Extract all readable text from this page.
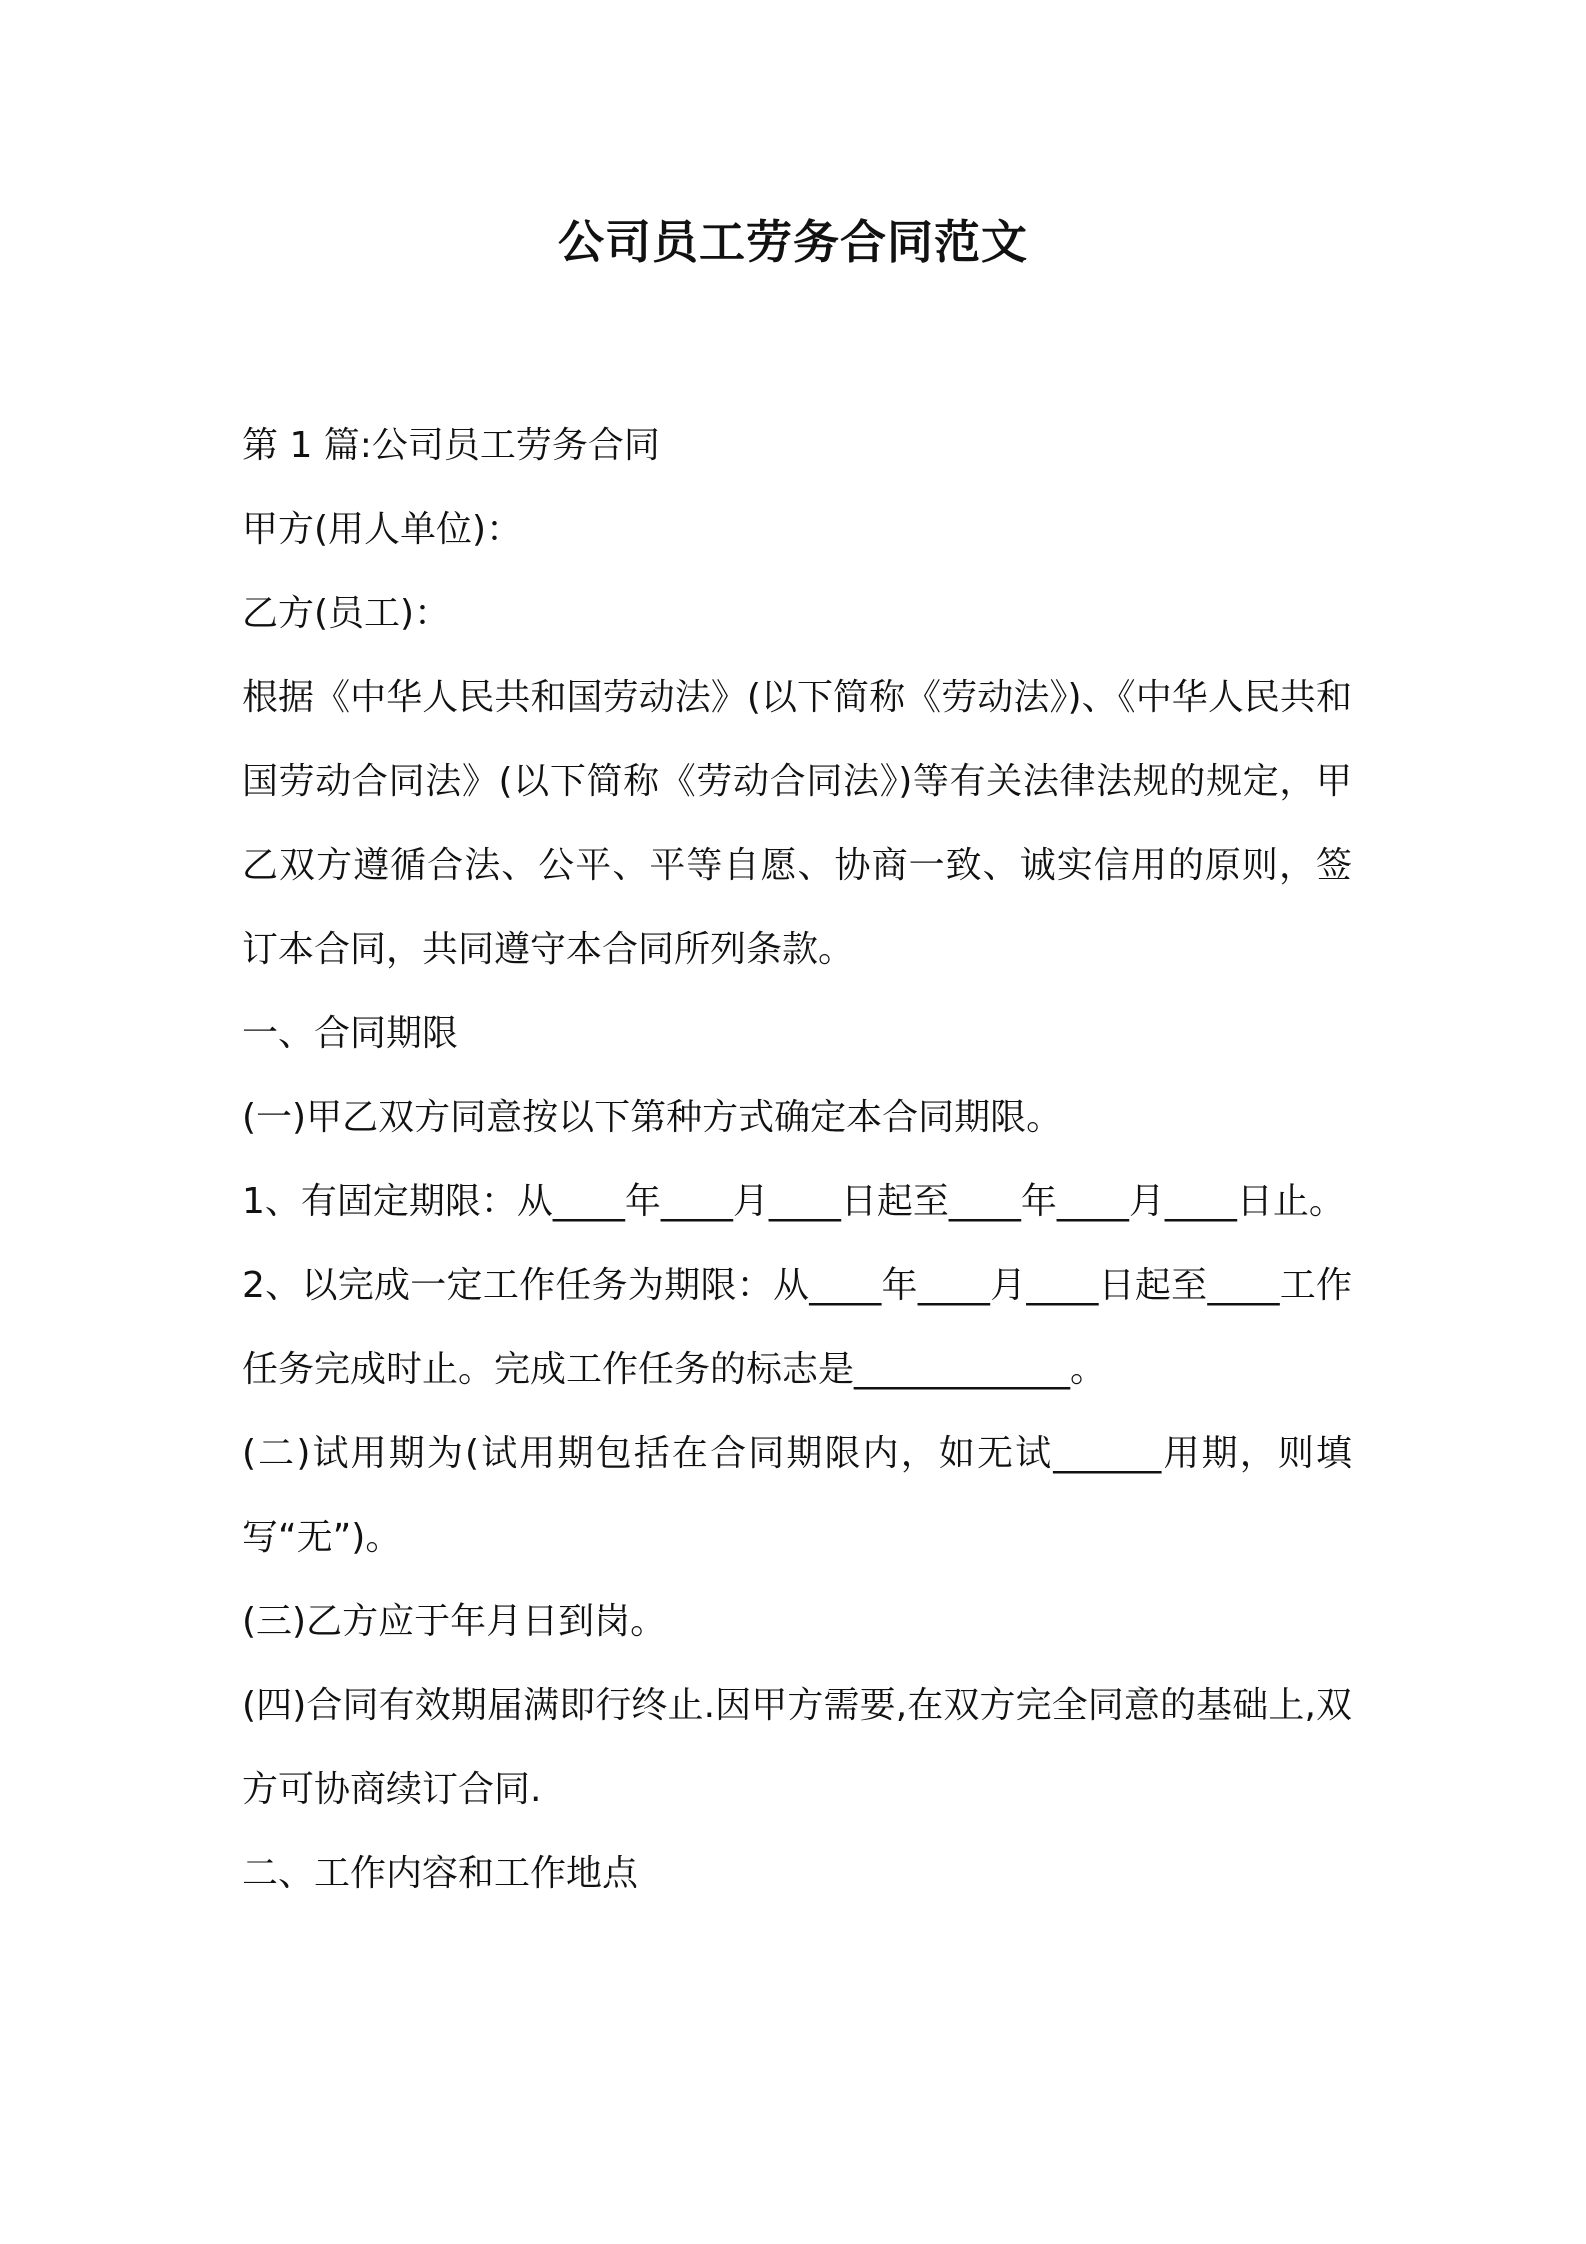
公司员工劳务合同范文

第 1 篇:公司员工劳务合同

甲方(用人单位)：

乙方(员工)：

根据《中华人民共和国劳动法》(以下简称《劳动法》)、《中华人民共和国劳动合同法》(以下简称《劳动合同法》)等有关法律法规的规定，甲乙双方遵循合法、公平、平等自愿、协商一致、诚实信用的原则，签订本合同，共同遵守本合同所列条款。

一、合同期限

(一)甲乙双方同意按以下第种方式确定本合同期限。

1、有固定期限：从____年____月____日起至____年____月____日止。

2、以完成一定工作任务为期限：从____年____月____日起至____工作任务完成时止。完成工作任务的标志是____________。

(二)试用期为(试用期包括在合同期限内，如无试______用期，则填写“无”)。

(三)乙方应于年月日到岗。

(四)合同有效期届满即行终止.因甲方需要,在双方完全同意的基础上,双方可协商续订合同.

二、工作内容和工作地点
